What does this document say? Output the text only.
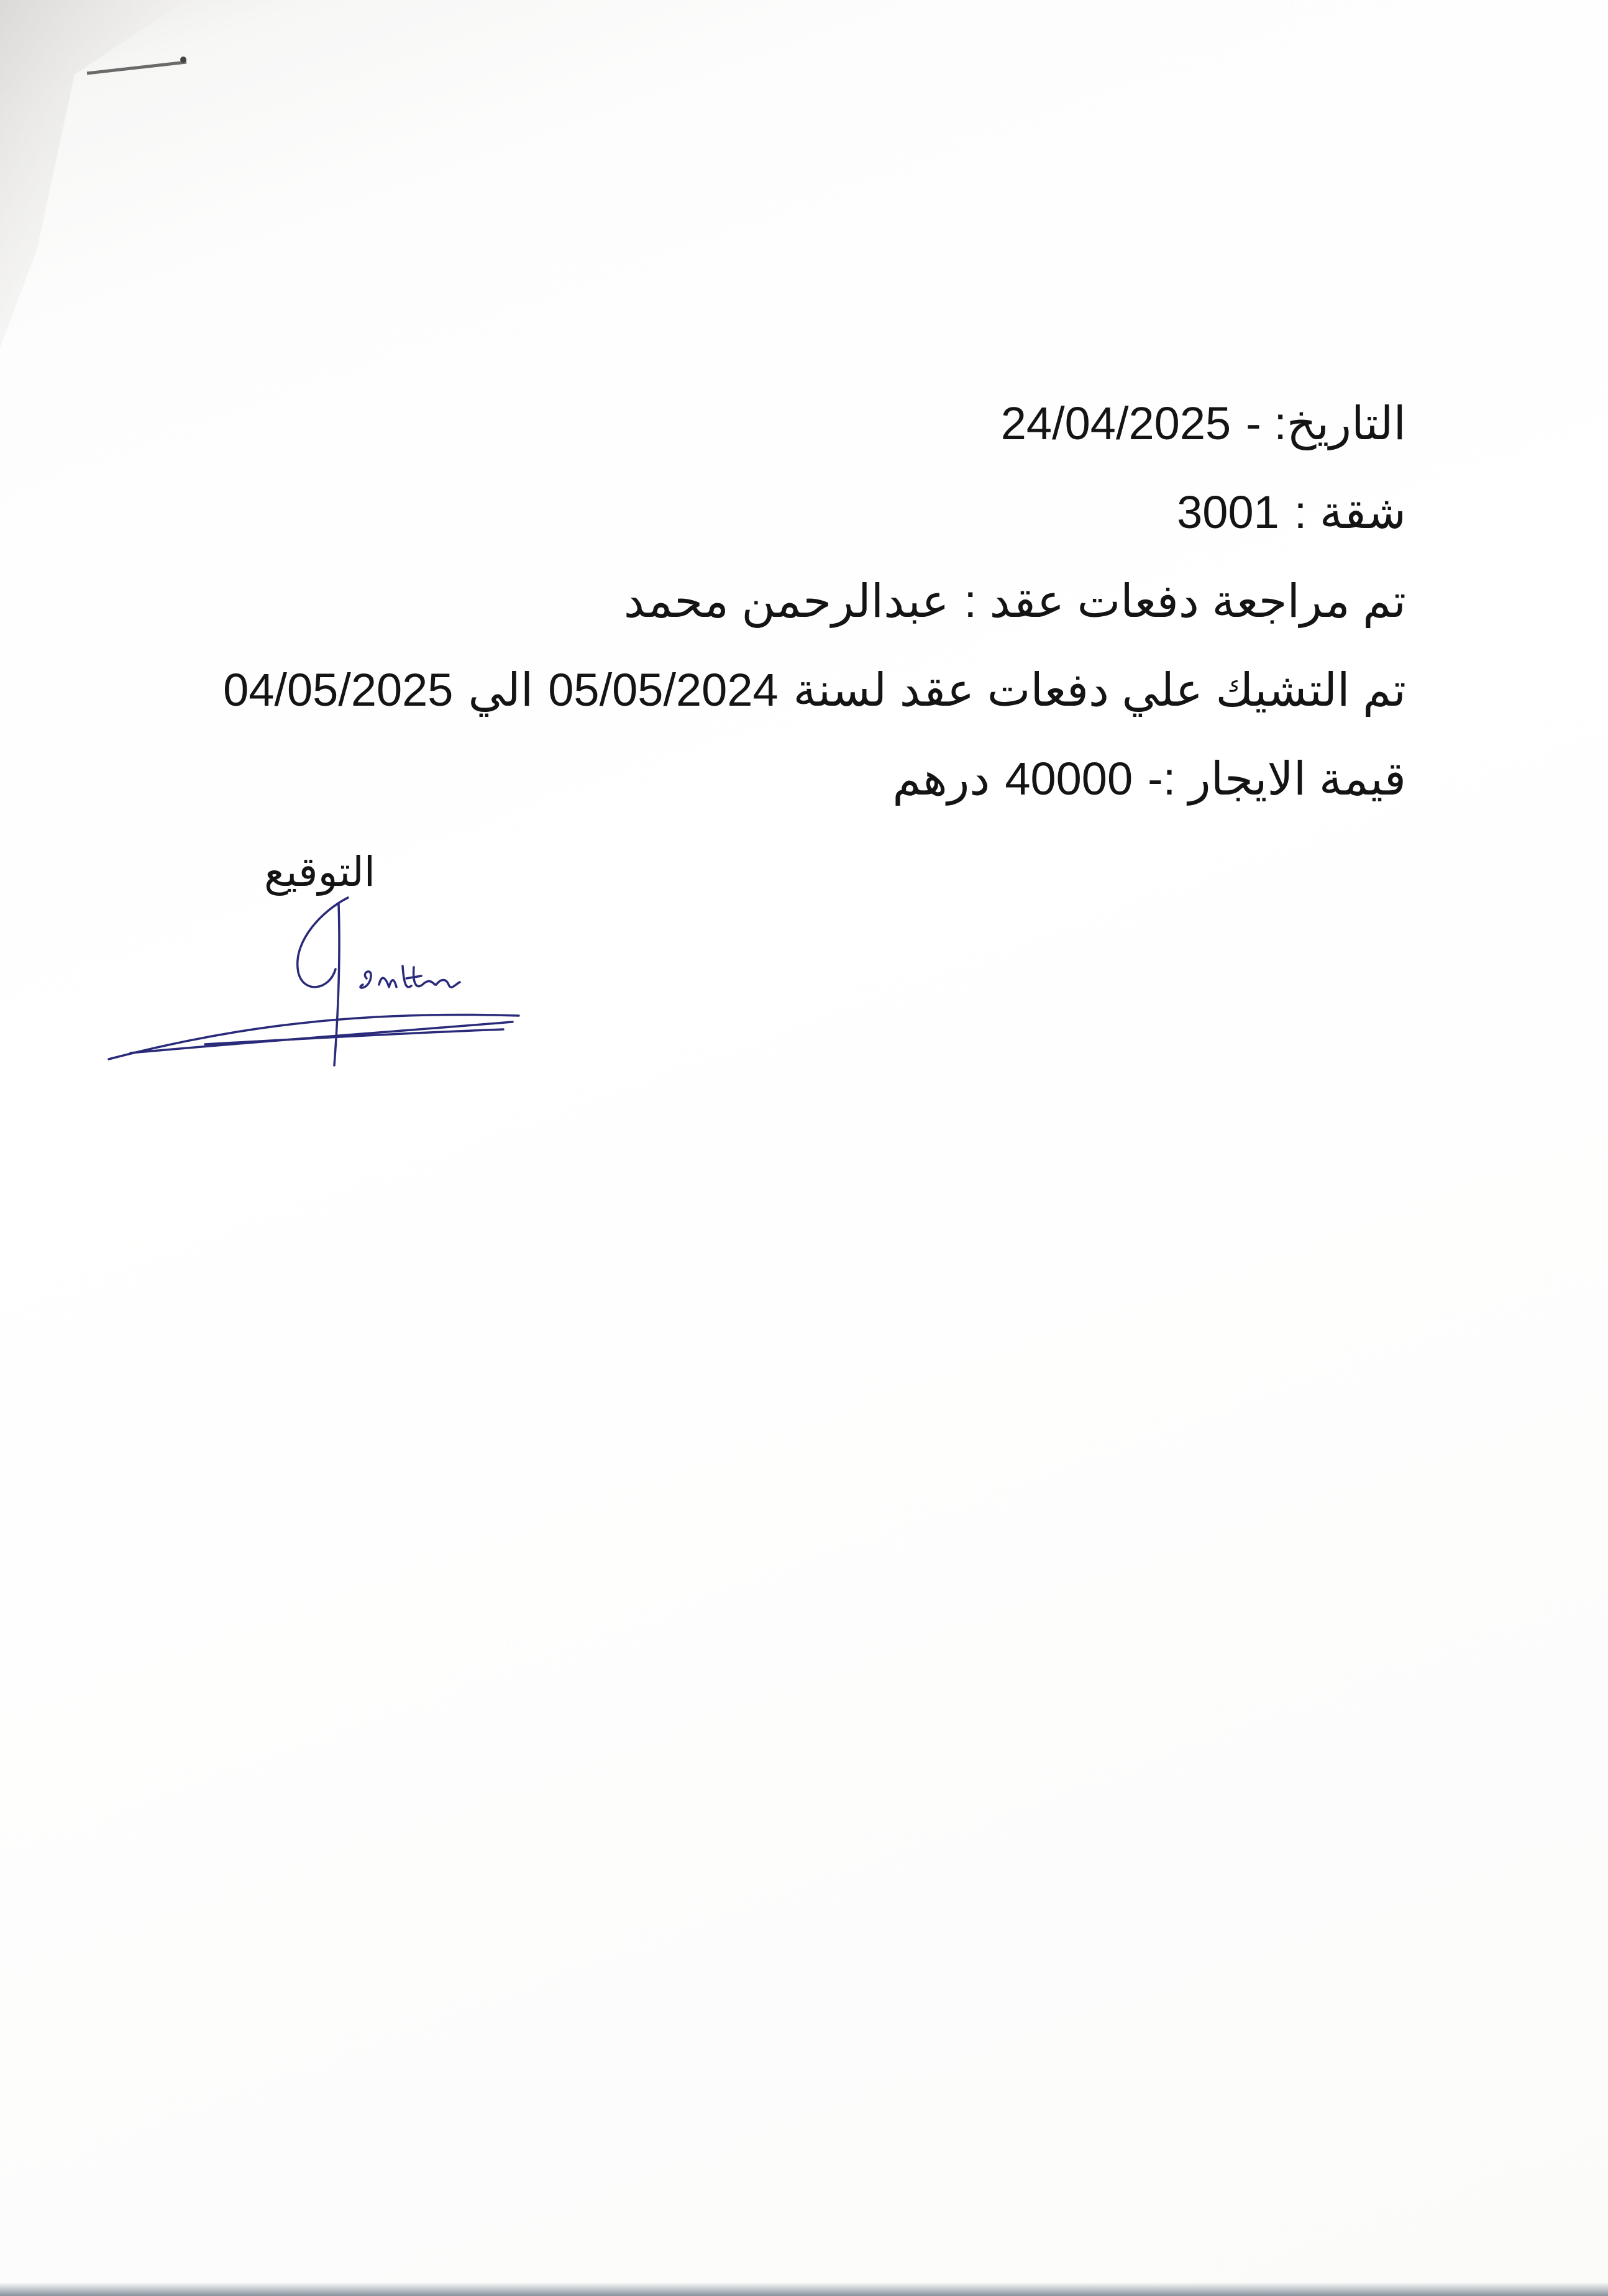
التاريخ: -24/04/2025
شقة :3001
تم مراجعة دفعات عقد :عبدالرحمن محمد
تم التشيك علي دفعات عقد لسنة05/05/2024الي04/05/2025
قيمة الايجار :-40000درهم
التوقيع
